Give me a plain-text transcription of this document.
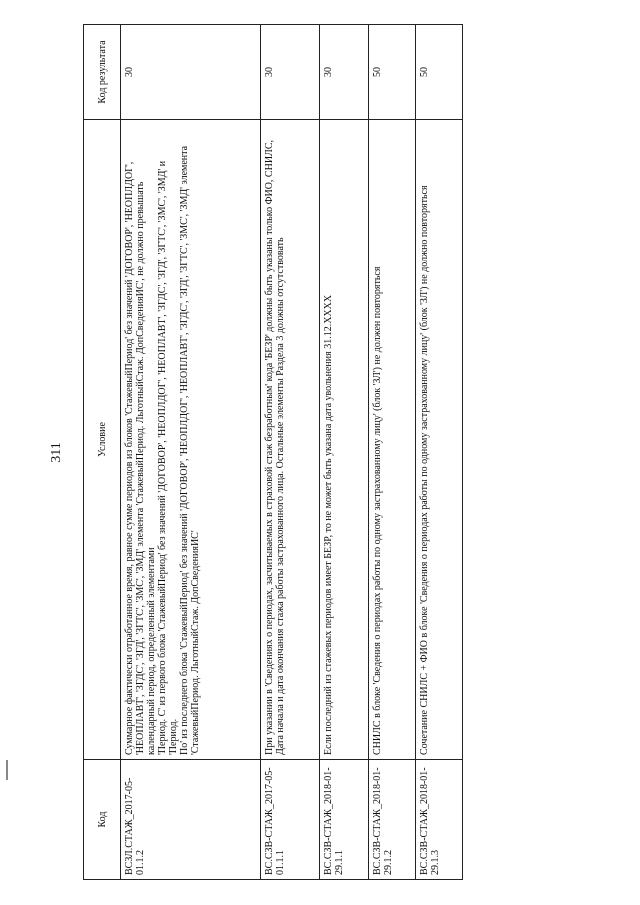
311
Код	Условие	Код результата
ВСЗЛ.СТАЖ_2017-05-01.1.2	Суммарное фактически отработанное время, равное сумме периодов из блоков 'СтажевыйПериод' без значений 'ДОГОВОР', 'НЕОПЛДОГ', 'НЕОПЛАВТ', 'ЗГДС', 'ЗГД', 'ЗГТС', 'ЗМС', 'ЗМД' элемента 'СтажевыйПериод. ЛьготныйСтаж. ДопСведенияИС', не должно превышать календарный период, определенный элементами 'Период. С' из первого блока 'СтажевыйПериод' без значений 'ДОГОВОР', 'НЕОПЛДОГ', 'НЕОПЛАВТ', 'ЗГДС', 'ЗГД', 'ЗГТС', 'ЗМС', 'ЗМД' и 'Период. По' из последнего блока 'СтажевыйПериод' без значений 'ДОГОВОР', 'НЕОПЛДОГ', 'НЕОПЛАВТ', 'ЗГДС', 'ЗГД', 'ЗГТС', 'ЗМС', 'ЗМД' элемента 'СтажевыйПериод. ЛьготныйСтаж. ДопСведенияИС'	30
ВС.СЗВ-СТАЖ_2017-05-01.1.1	При указании в 'Сведениях о периодах, засчитываемых в страховой стаж безработным' кода 'БЕЗР' должны быть указаны только ФИО, СНИЛС, Дата начала и дата окончания стажа работы застрахованного лица. Остальные элементы Раздела 3 должны отсутствовать	30
ВС.СЗВ-СТАЖ_2018-01- 29.1.1	Если последний из стажевых периодов имеет БЕЗР, то не может быть указана дата увольнения 31.12.ХХХХ	30
ВС.СЗВ-СТАЖ_2018-01- 29.1.2	СНИЛС в блоке 'Сведения о периодах работы по одному застрахованному лицу' (блок 'ЗЛ') не должен повторяться	50
ВС.СЗВ-СТАЖ_2018-01- 29.1.3	Сочетание СНИЛС + ФИО в блоке 'Сведения о периодах работы по одному застрахованному лицу' (блок 'ЗЛ') не должно повторяться	50
